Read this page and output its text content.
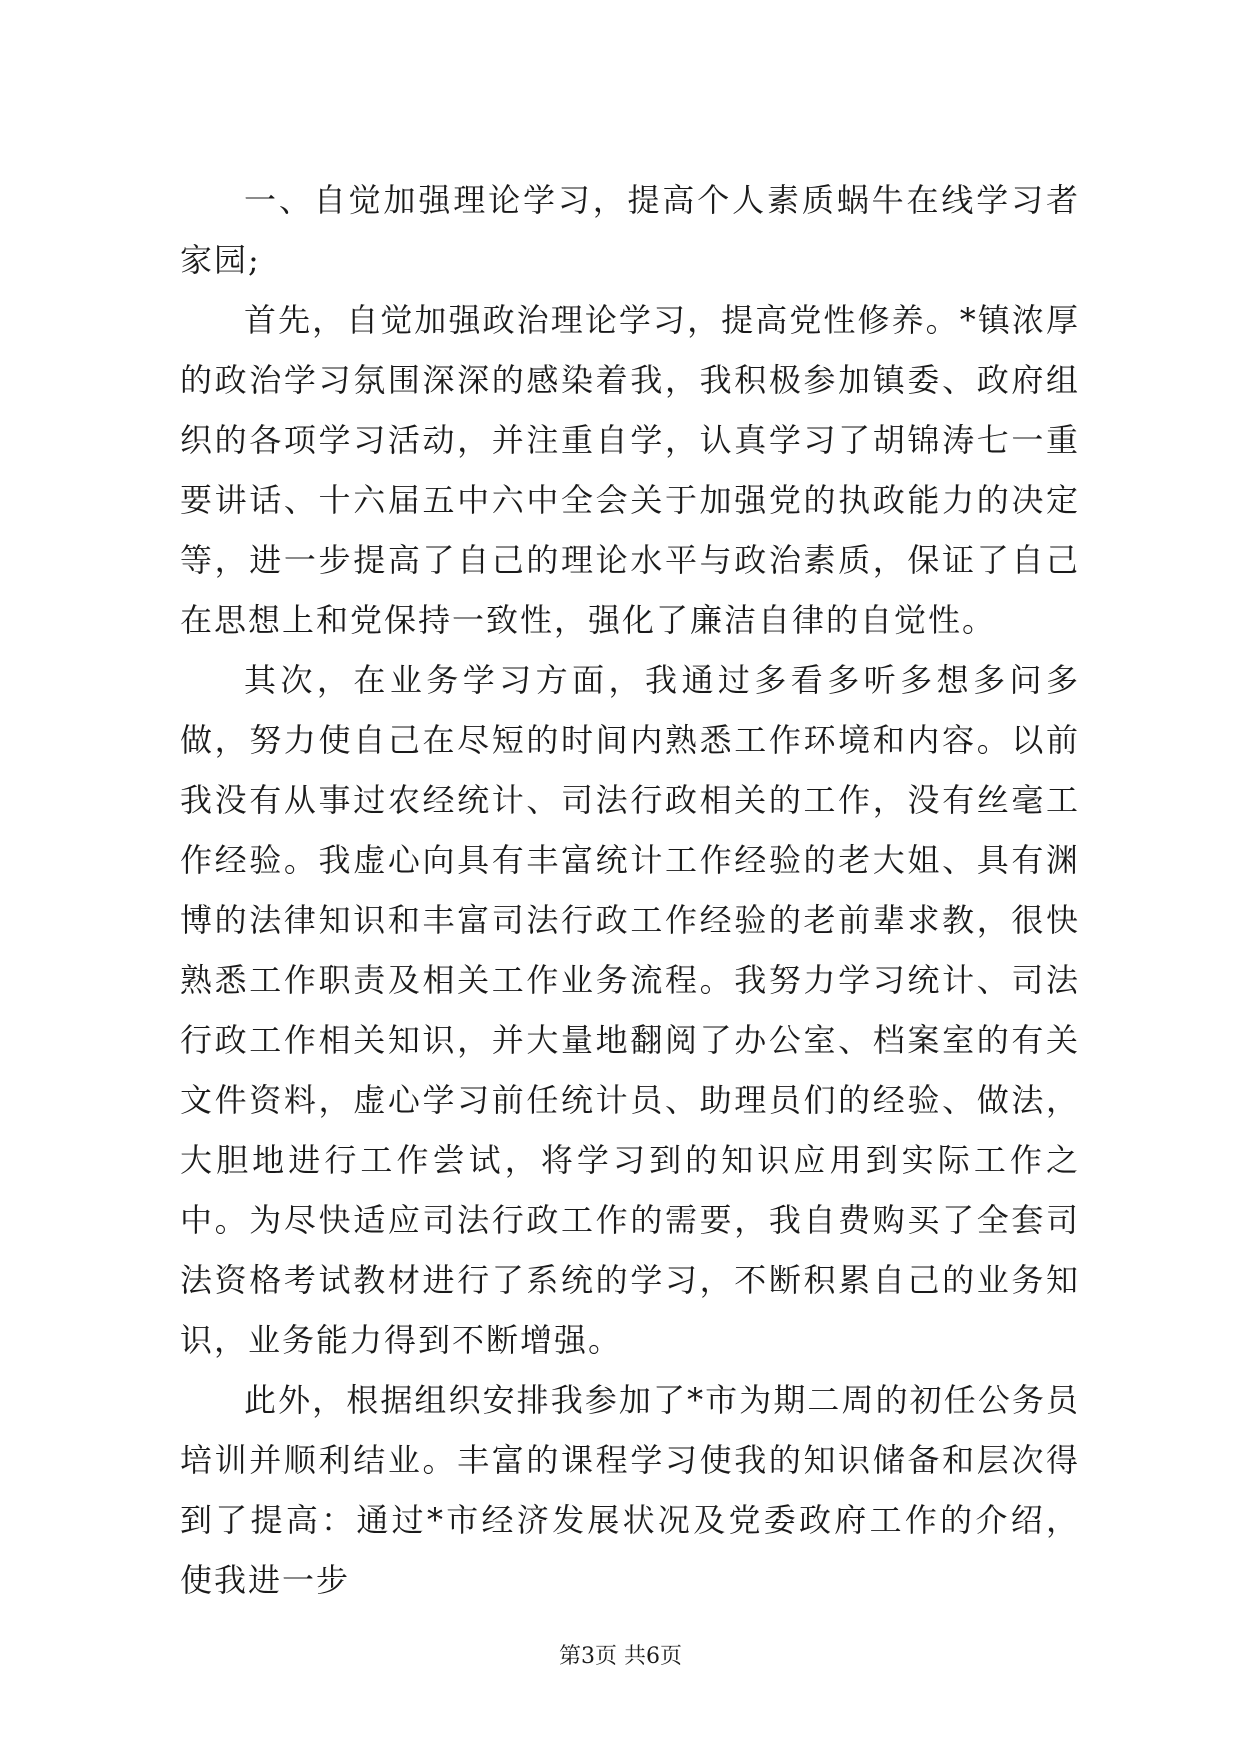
一、自觉加强理论学习，提高个人素质蜗牛在线学习者家园;

首先，自觉加强政治理论学习，提高党性修养。*镇浓厚的政治学习氛围深深的感染着我，我积极参加镇委、政府组织的各项学习活动，并注重自学，认真学习了胡锦涛七一重要讲话、十六届五中六中全会关于加强党的执政能力的决定等，进一步提高了自己的理论水平与政治素质，保证了自己在思想上和党保持一致性，强化了廉洁自律的自觉性。

其次，在业务学习方面，我通过多看多听多想多问多做，努力使自己在尽短的时间内熟悉工作环境和内容。以前我没有从事过农经统计、司法行政相关的工作，没有丝毫工作经验。我虚心向具有丰富统计工作经验的老大姐、具有渊博的法律知识和丰富司法行政工作经验的老前辈求教，很快熟悉工作职责及相关工作业务流程。我努力学习统计、司法行政工作相关知识，并大量地翻阅了办公室、档案室的有关文件资料，虚心学习前任统计员、助理员们的经验、做法，大胆地进行工作尝试，将学习到的知识应用到实际工作之中。为尽快适应司法行政工作的需要，我自费购买了全套司法资格考试教材进行了系统的学习，不断积累自己的业务知识，业务能力得到不断增强。

此外，根据组织安排我参加了*市为期二周的初任公务员培训并顺利结业。丰富的课程学习使我的知识储备和层次得到了提高：通过*市经济发展状况及党委政府工作的介绍，使我进一步

第3页 共6页
